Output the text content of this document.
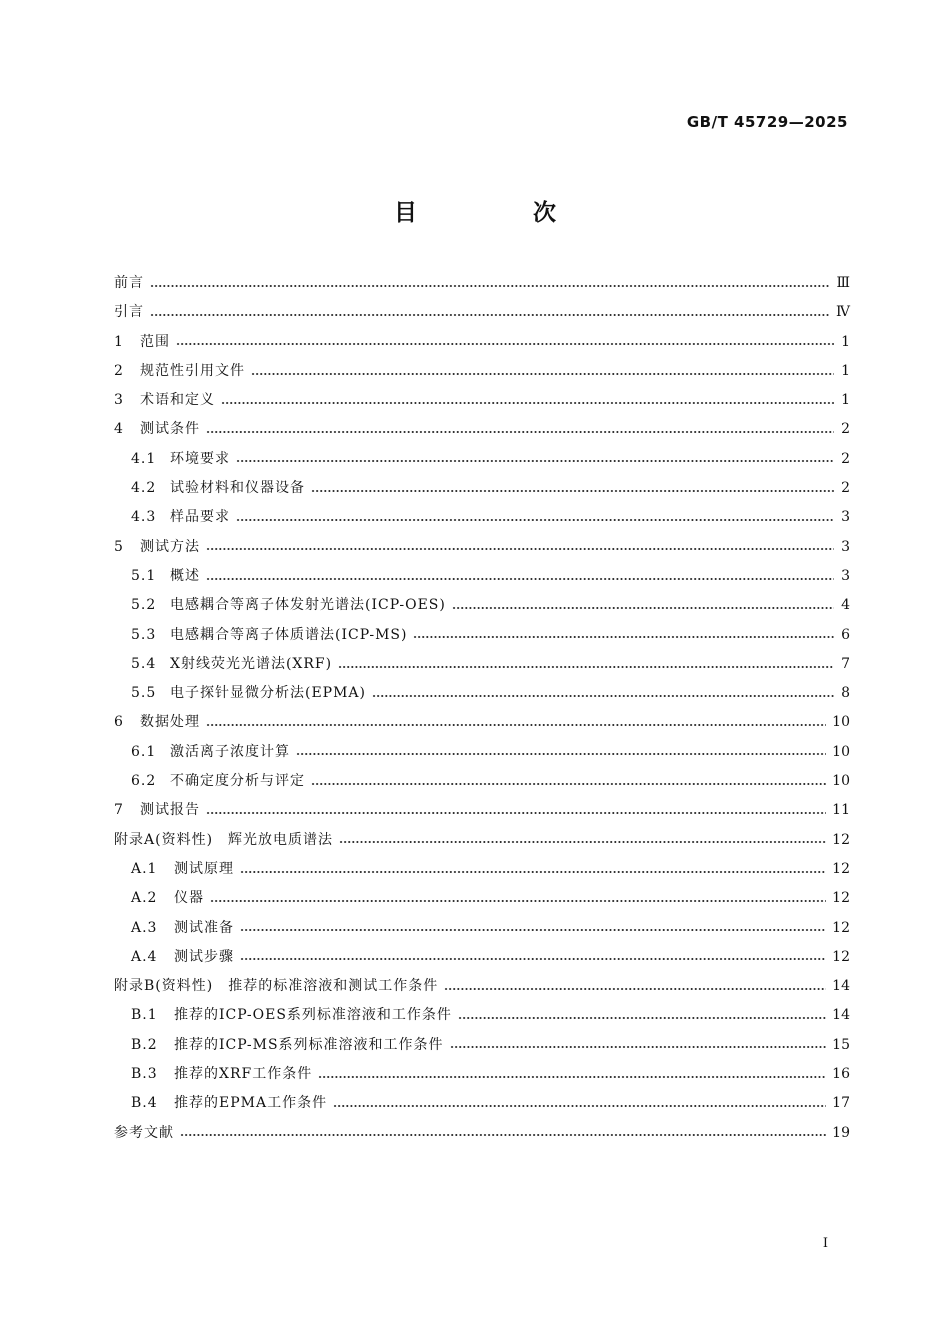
GB/T 45729—2025
目 次
前言	Ⅲ
引言	Ⅳ
1	范围	1
2	规范性引用文件	1
3	术语和定义	1
4	测试条件	2
4.1 环境要求	2
4.2 试验材料和仪器设备	2
4.3 样品要求	3
5	测试方法	3
5.1 概述	3
5.2 电感耦合等离子体发射光谱法(ICP-OES)	4
5.3 电感耦合等离子体质谱法(ICP-MS)	6
5.4 X射线荧光光谱法(XRF)	7
5.5 电子探针显微分析法(EPMA)	8
6	数据处理	10
6.1 激活离子浓度计算	10
6.2 不确定度分析与评定	10
7	测试报告	11
附录A(资料性)　辉光放电质谱法	12
A.1	测试原理	12
A.2	仪器	12
A.3	测试准备	12
A.4	测试步骤	12
附录B(资料性)　推荐的标准溶液和测试工作条件	14
B.1	推荐的ICP-OES系列标准溶液和工作条件	14
B.2	推荐的ICP-MS系列标准溶液和工作条件	15
B.3	推荐的XRF工作条件	16
B.4	推荐的EPMA工作条件	17
参考文献	19
I
